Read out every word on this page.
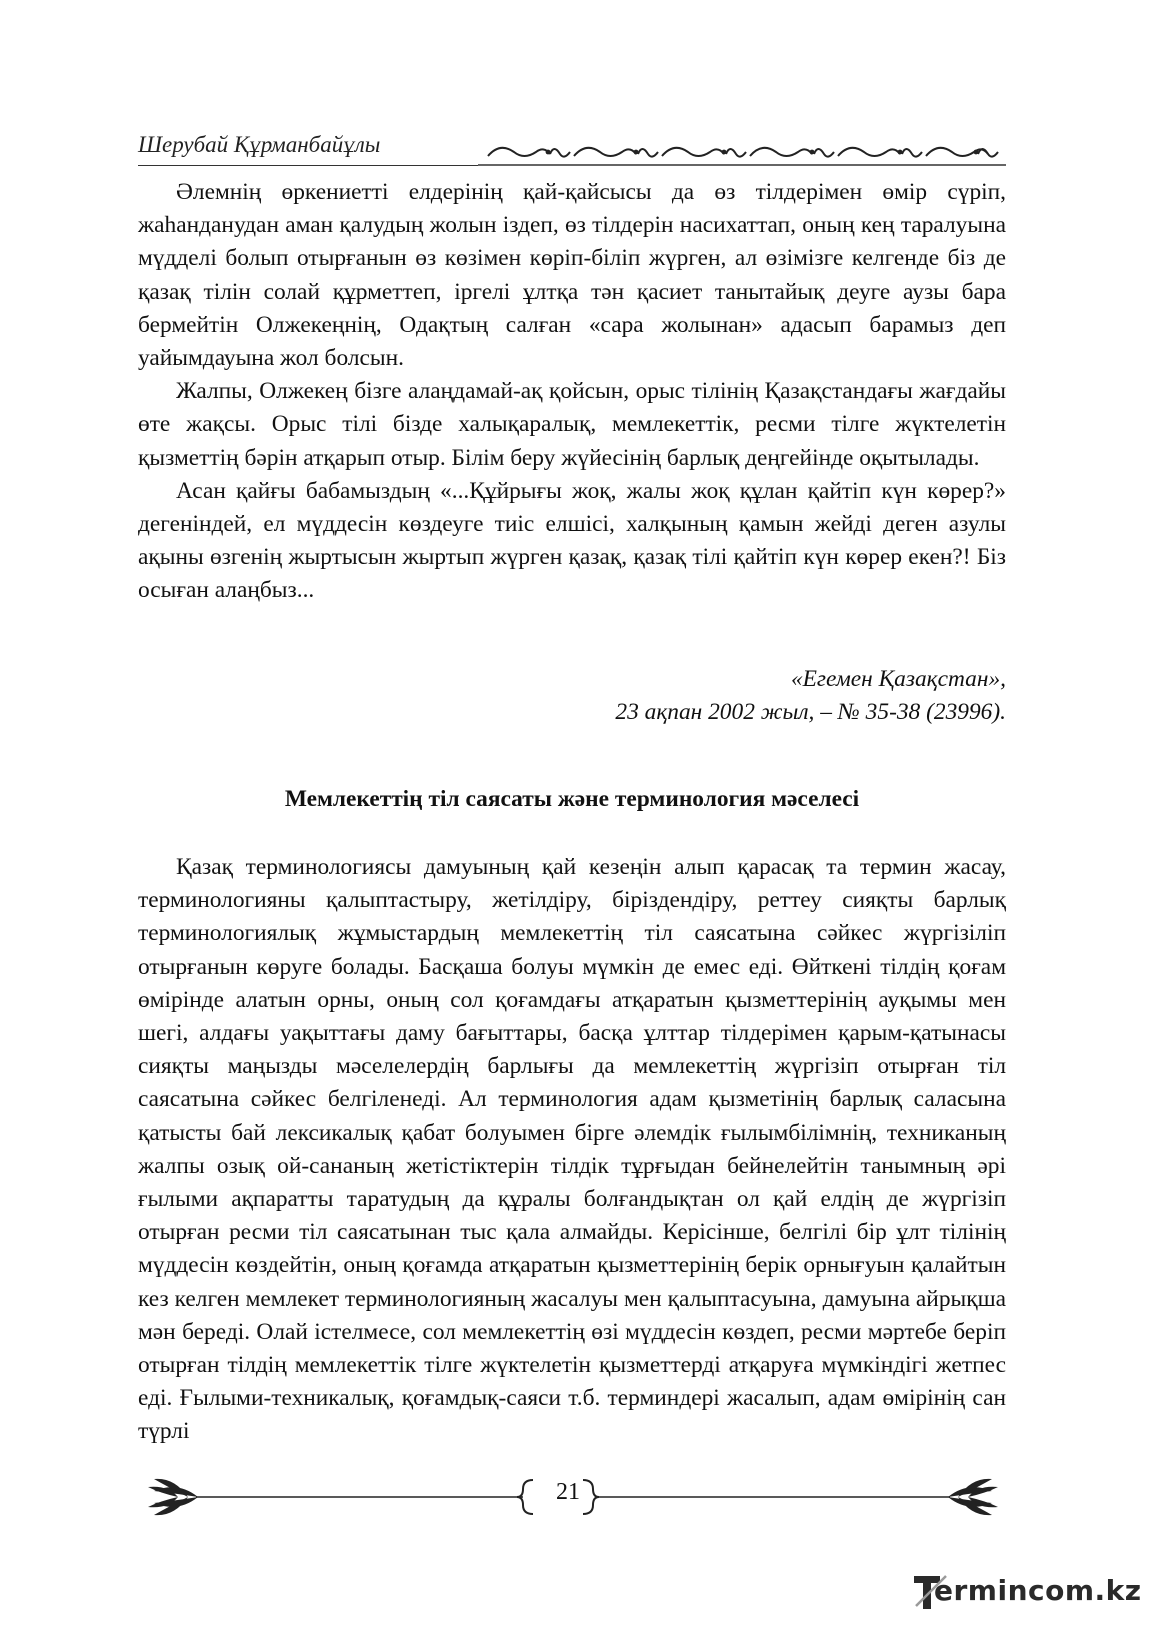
Шерубай Құрманбайұлы

Әлемнің өркениетті елдерінің қай-қайсысы да өз тілдерімен өмір сүріп, жаһанданудан аман қалудың жолын іздеп, өз тілдерін насихаттап, оның кең таралуына мүдделі болып отырғанын өз көзімен көріп-біліп жүрген, ал өзімізге келгенде біз де қазақ тілін солай құрметтеп, іргелі ұлтқа тән қасиет танытайық деуге аузы бара бермейтін Олжекеңнің, Одақтың салған «сара жолынан» адасып барамыз деп уайымдауына жол болсын.

Жалпы, Олжекең бізге алаңдамай-ақ қойсын, орыс тілінің Қазақстандағы жағдайы өте жақсы. Орыс тілі бізде халықаралық, мемлекеттік, ресми тілге жүктелетін қызметтің бәрін атқарып отыр. Білім беру жүйесінің барлық деңгейінде оқытылады.

Асан қайғы бабамыздың «...Құйрығы жоқ, жалы жоқ құлан қайтіп күн көрер?» дегеніндей, ел мүддесін көздеуге тиіс елшісі, халқының қамын жейді деген азулы ақыны өзгенің жыртысын жыртып жүрген қазақ, қазақ тілі қайтіп күн көрер екен?! Біз осыған алаңбыз...

«Егемен Қазақстан»,
23 ақпан 2002 жыл, – № 35-38 (23996).
Мемлекеттің тіл саясаты және терминология мәселесі

Қазақ терминологиясы дамуының қай кезеңін алып қарасақ та термин жасау, терминологияны қалыптастыру, жетілдіру, біріздендіру, реттеу сияқты барлық терминологиялық жұмыстардың мемлекеттің тіл саясатына сәйкес жүргізіліп отырғанын көруге болады. Басқаша болуы мүмкін де емес еді. Өйткені тілдің қоғам өмірінде алатын орны, оның сол қоғамдағы атқаратын қызметтерінің ауқымы мен шегі, алдағы уақыттағы даму бағыттары, басқа ұлттар тілдерімен қарым-қатынасы сияқты маңызды мәселелердің барлығы да мемлекеттің жүргізіп отырған тіл саясатына сәйкес белгіленеді. Ал терминология адам қызметінің барлық саласына қатысты бай лексикалық қабат болуымен бірге әлемдік ғылымбілімнің, техниканың жалпы озық ой-сананың жетістіктерін тілдік тұрғыдан бейнелейтін танымның әрі ғылыми ақпаратты таратудың да құралы болғандықтан ол қай елдің де жүргізіп отырған ресми тіл саясатынан тыс қала алмайды. Керісінше, белгілі бір ұлт тілінің мүддесін көздейтін, оның қоғамда атқаратын қызметтерінің берік орнығуын қалайтын кез келген мемлекет терминологияның жасалуы мен қалыптасуына, дамуына айрықша мән береді. Олай істелмесе, сол мемлекеттің өзі мүддесін көздеп, ресми мәртебе беріп отырған тілдің мемлекеттік тілге жүктелетін қызметтерді атқаруға мүмкіндігі жетпес еді. Ғылыми-техникалық, қоғамдық-саяси т.б. терминдері жасалып, адам өмірінің сан түрлі

21
ermincom.kz
